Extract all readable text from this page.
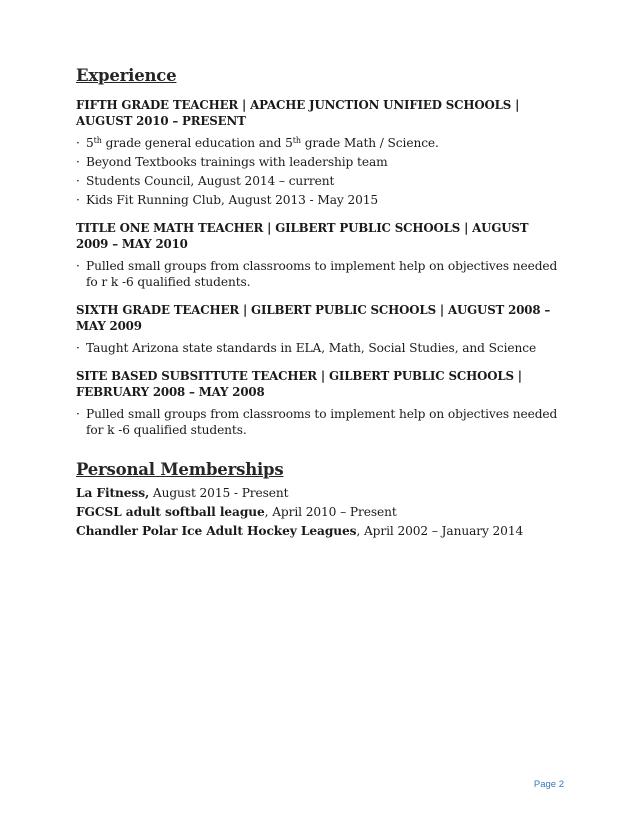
Experience
FIFTH GRADE TEACHER | APACHE JUNCTION UNIFIED SCHOOLS | AUGUST 2010 – PRESENT
· 5th grade general education and 5th grade Math / Science.
· Beyond Textbooks trainings with leadership team
· Students Council, August 2014 – current
· Kids Fit Running Club, August 2013 - May 2015
TITLE ONE MATH TEACHER | GILBERT PUBLIC SCHOOLS | AUGUST 2009 – MAY 2010
· Pulled small groups from classrooms to implement help on objectives needed fo r k -6 qualified students.
SIXTH GRADE TEACHER | GILBERT PUBLIC SCHOOLS | AUGUST 2008 – MAY 2009
· Taught Arizona state standards in ELA, Math, Social Studies, and Science
SITE BASED SUBSITTUTE TEACHER | GILBERT PUBLIC SCHOOLS | FEBRUARY 2008 – MAY 2008
· Pulled small groups from classrooms to implement help on objectives needed for k -6 qualified students.
Personal Memberships
La Fitness, August 2015 - Present
FGCSL adult softball league, April 2010 – Present
Chandler Polar Ice Adult Hockey Leagues, April 2002 – January 2014
Page 2
